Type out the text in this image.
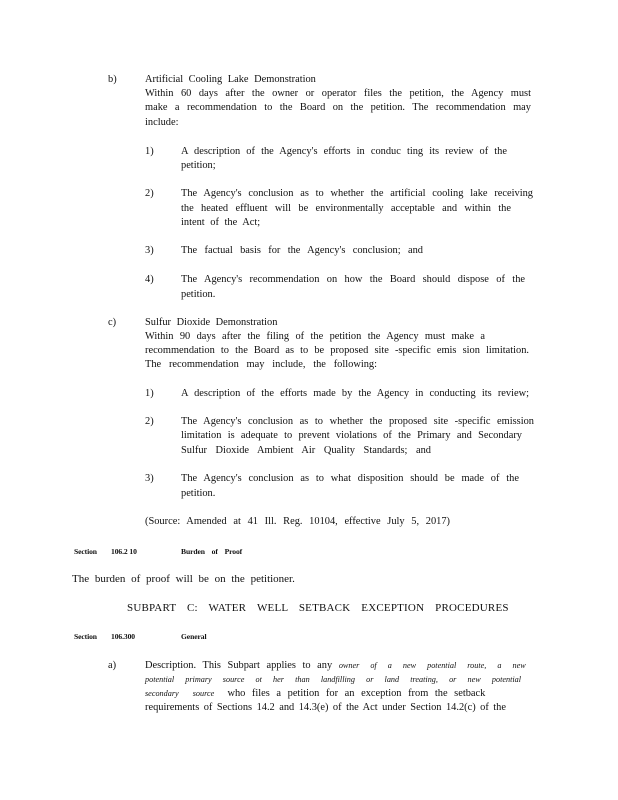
b)	Artificial Cooling Lake Demonstration
Within 60 days after the owner or operator files the petition, the Agency must
make a recommendation to the Board on the petition. The recommendation may
include:
1)	A description of the Agency's efforts in conduc ting its review of the
petition;
2)	The Agency's conclusion as to whether the artificial cooling lake receiving
the heated effluent will be environmentally acceptable and within the
intent of the Act;
3)	The factual basis for the Agency's conclusion; and
4)	The Agency's recommendation on how the Board should dispose of the
petition.
c)	Sulfur Dioxide Demonstration
Within 90 days after the filing of the petition the Agency must make a
recommendation to the Board as to be proposed site -specific emis sion limitation.
The recommendation may include, the following:
1)	A description of the efforts made by the Agency in conducting its review;
2)	The Agency's conclusion as to whether the proposed site -specific emission
limitation is adequate to prevent violations of the Primary and Secondary
Sulfur Dioxide Ambient Air Quality Standards; and
3)	The Agency's conclusion as to what disposition should be made of the
petition.
(Source: Amended at 41 Ill. Reg. 10104, effective July 5, 2017)
Section 106.2 10	Burden of Proof
The burden of proof will be on the petitioner.
SUBPART C: WATER WELL SETBACK EXCEPTION PROCEDURES
Section 106.300	General
a)	Description. This Subpart applies to any owner of a new potential route, a new
potential primary source ot her than landfilling or land treating, or new potential
secondary source who files a petition for an exception from the setback
requirements of Sections 14.2 and 14.3(e) of the Act under Section 14.2(c) of the
